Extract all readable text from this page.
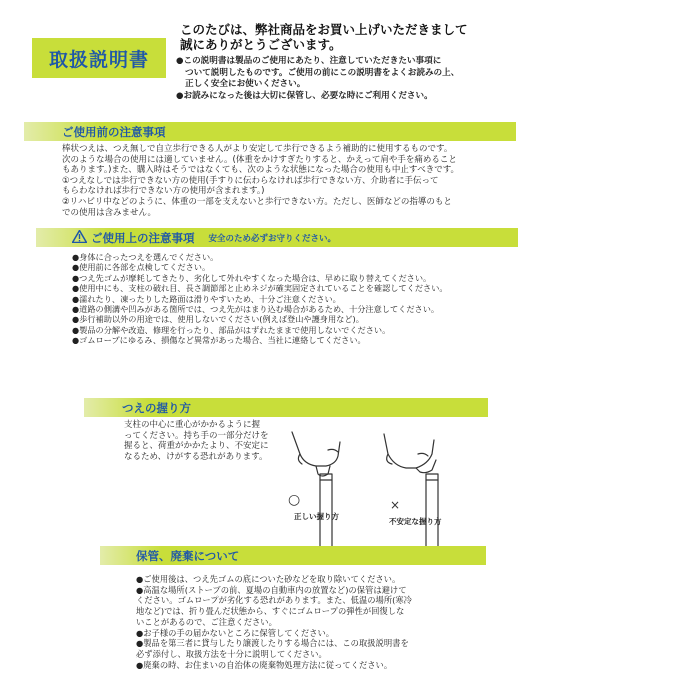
取扱説明書
このたびは、弊社商品をお買い上げいただきまして
誠にありがとうございます。

●この説明書は製品のご使用にあたり、注意していただきたい事項に

ついて説明したものです。ご使用の前にこの説明書をよくお読みの上、

正しく安全にお使いください。

●お読みになった後は大切に保管し、必要な時にご利用ください。

ご使用前の注意事項

棒状つえは、つえ無しで自立歩行できる人がより安定して歩行できるよう補助的に使用するものです。

次のような場合の使用には適していません。(体重をかけすぎたりすると、かえって肩や手を痛めること

もあります。)また、購入時はそうではなくても、次のような状態になった場合の使用も中止すべきです。

①つえなしでは歩行できない方の使用(手すりに伝わらなければ歩行できない方、介助者に手伝って

もらわなければ歩行できない方の使用が含まれます。)

②リハビリ中などのように、体重の一部を支えないと歩行できない方。ただし、医師などの指導のもと

での使用は含みません。

ご使用上の注意事項 安全のため必ずお守りください。

●身体に合ったつえを選んでください。

●使用前に各部を点検してください。

●つえ先ゴムが摩耗してきたり、劣化して外れやすくなった場合は、早めに取り替えてください。

●使用中にも、支柱の破れ目、長さ調節部と止めネジが確実固定されていることを確認してください。

●濡れたり、凍ったりした路面は滑りやすいため、十分ご注意ください。

●道路の側溝や凹みがある箇所では、つえ先がはまり込む場合があるため、十分注意してください。

●歩行補助以外の用途では、使用しないでください(例えば登山や護身用など)。

●製品の分解や改造、修理を行ったり、部品がはずれたままで使用しないでください。

●ゴムロープにゆるみ、損傷など異常があった場合、当社に連絡してください。

つえの握り方

支柱の中心に重心がかかるように握

ってください。持ち手の一部分だけを

握ると、荷重がかかたより、不安定に

なるため、けがする恐れがあります。

○
正しい握り方
×
不安定な握り方
保管、廃棄について

●ご使用後は、つえ先ゴムの底についた砂などを取り除いてください。

●高温な場所(ストーブの前、夏場の自動車内の放置など)の保管は避けて

ください。ゴムロープが劣化する恐れがあります。また、低温の場所(寒冷

地など)では、折り畳んだ状態から、すぐにゴムロープの弾性が回復しな

いことがあるので、ご注意ください。

●お子様の手の届かないところに保管してください。

●製品を第三者に貸与したり譲渡したりする場合には、この取扱説明書を

必ず添付し、取扱方法を十分に説明してください。

●廃棄の時、お住まいの自治体の廃棄物処理方法に従ってください。
